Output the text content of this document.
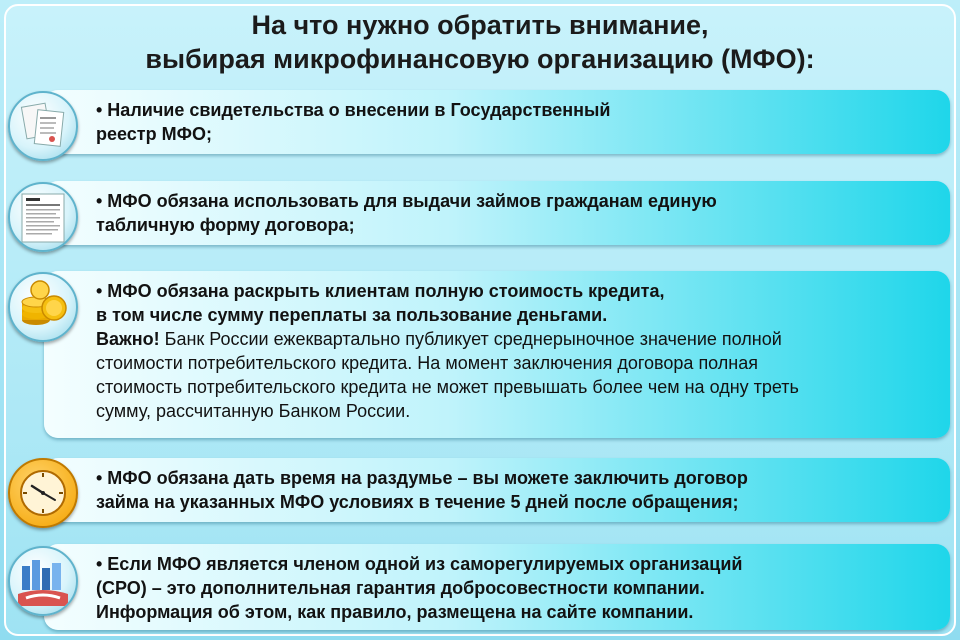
На что нужно обратить внимание,
выбирая микрофинансовую организацию (МФО):
• Наличие свидетельства о внесении в Государственный
реестр МФО;
• МФО обязана использовать для выдачи займов гражданам единую
табличную форму договора;
• МФО обязана раскрыть клиентам полную стоимость кредита,
в том числе сумму переплаты за пользование деньгами.
Важно! Банк России ежеквартально публикует среднерыночное значение полной
стоимости потребительского кредита. На момент заключения договора полная
стоимость потребительского кредита не может превышать более чем на одну треть
сумму, рассчитанную Банком России.
• МФО обязана дать время на раздумье – вы можете заключить договор
займа на указанных МФО условиях в течение 5 дней после обращения;
• Если МФО является членом одной из саморегулируемых организаций
(СРО) – это дополнительная гарантия добросовестности компании.
Информация об этом, как правило, размещена на сайте компании.
